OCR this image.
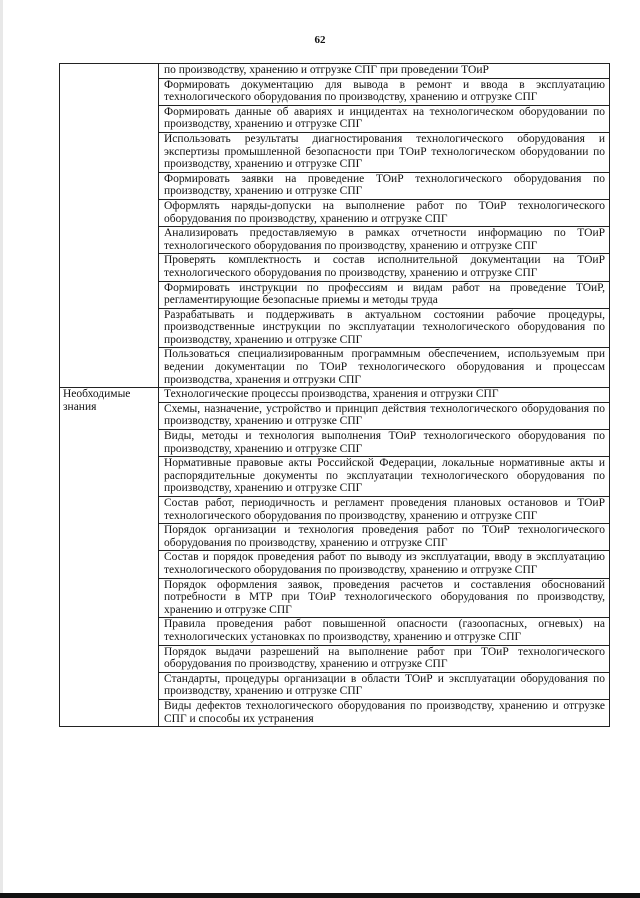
62
	по производству, хранению и отгрузке СПГ при проведении ТОиР
	Формировать документацию для вывода в ремонт и ввода в эксплуатацию технологического оборудования по производству, хранению и отгрузке СПГ
	Формировать данные об авариях и инцидентах на технологическом оборудовании по производству, хранению и отгрузке СПГ
	Использовать результаты диагностирования технологического оборудования и экспертизы промышленной безопасности при ТОиР технологическом оборудовании по производству, хранению и отгрузке СПГ
	Формировать заявки на проведение ТОиР технологического оборудования по производству, хранению и отгрузке СПГ
	Оформлять наряды-допуски на выполнение работ по ТОиР технологического оборудования по производству, хранению и отгрузке СПГ
	Анализировать предоставляемую в рамках отчетности информацию по ТОиР технологического оборудования по производству, хранению и отгрузке СПГ
	Проверять комплектность и состав исполнительной документации на ТОиР технологического оборудования по производству, хранению и отгрузке СПГ
	Формировать инструкции по профессиям и видам работ на проведение ТОиР, регламентирующие безопасные приемы и методы труда
	Разрабатывать и поддерживать в актуальном состоянии рабочие процедуры, производственные инструкции по эксплуатации технологического оборудования по производству, хранению и отгрузке СПГ
	Пользоваться специализированным программным обеспечением, используемым при ведении документации по ТОиР технологического оборудования и процессам производства, хранения и отгрузки СПГ
Необходимые знания	Технологические процессы производства, хранения и отгрузки СПГ
	Схемы, назначение, устройство и принцип действия технологического оборудования по производству, хранению и отгрузке СПГ
	Виды, методы и технология выполнения ТОиР технологического оборудования по производству, хранению и отгрузке СПГ
	Нормативные правовые акты Российской Федерации, локальные нормативные акты и распорядительные документы по эксплуатации технологического оборудования по производству, хранению и отгрузке СПГ
	Состав работ, периодичность и регламент проведения плановых остановов и ТОиР технологического оборудования по производству, хранению и отгрузке СПГ
	Порядок организации и технология проведения работ по ТОиР технологического оборудования по производству, хранению и отгрузке СПГ
	Состав и порядок проведения работ по выводу из эксплуатации, вводу в эксплуатацию технологического оборудования по производству, хранению и отгрузке СПГ
	Порядок оформления заявок, проведения расчетов и составления обоснований потребности в МТР при ТОиР технологического оборудования по производству, хранению и отгрузке СПГ
	Правила проведения работ повышенной опасности (газоопасных, огневых) на технологических установках по производству, хранению и отгрузке СПГ
	Порядок выдачи разрешений на выполнение работ при ТОиР технологического оборудования по производству, хранению и отгрузке СПГ
	Стандарты, процедуры организации в области ТОиР и эксплуатации оборудования по производству, хранению и отгрузке СПГ
	Виды дефектов технологического оборудования по производству, хранению и отгрузке СПГ и способы их устранения
